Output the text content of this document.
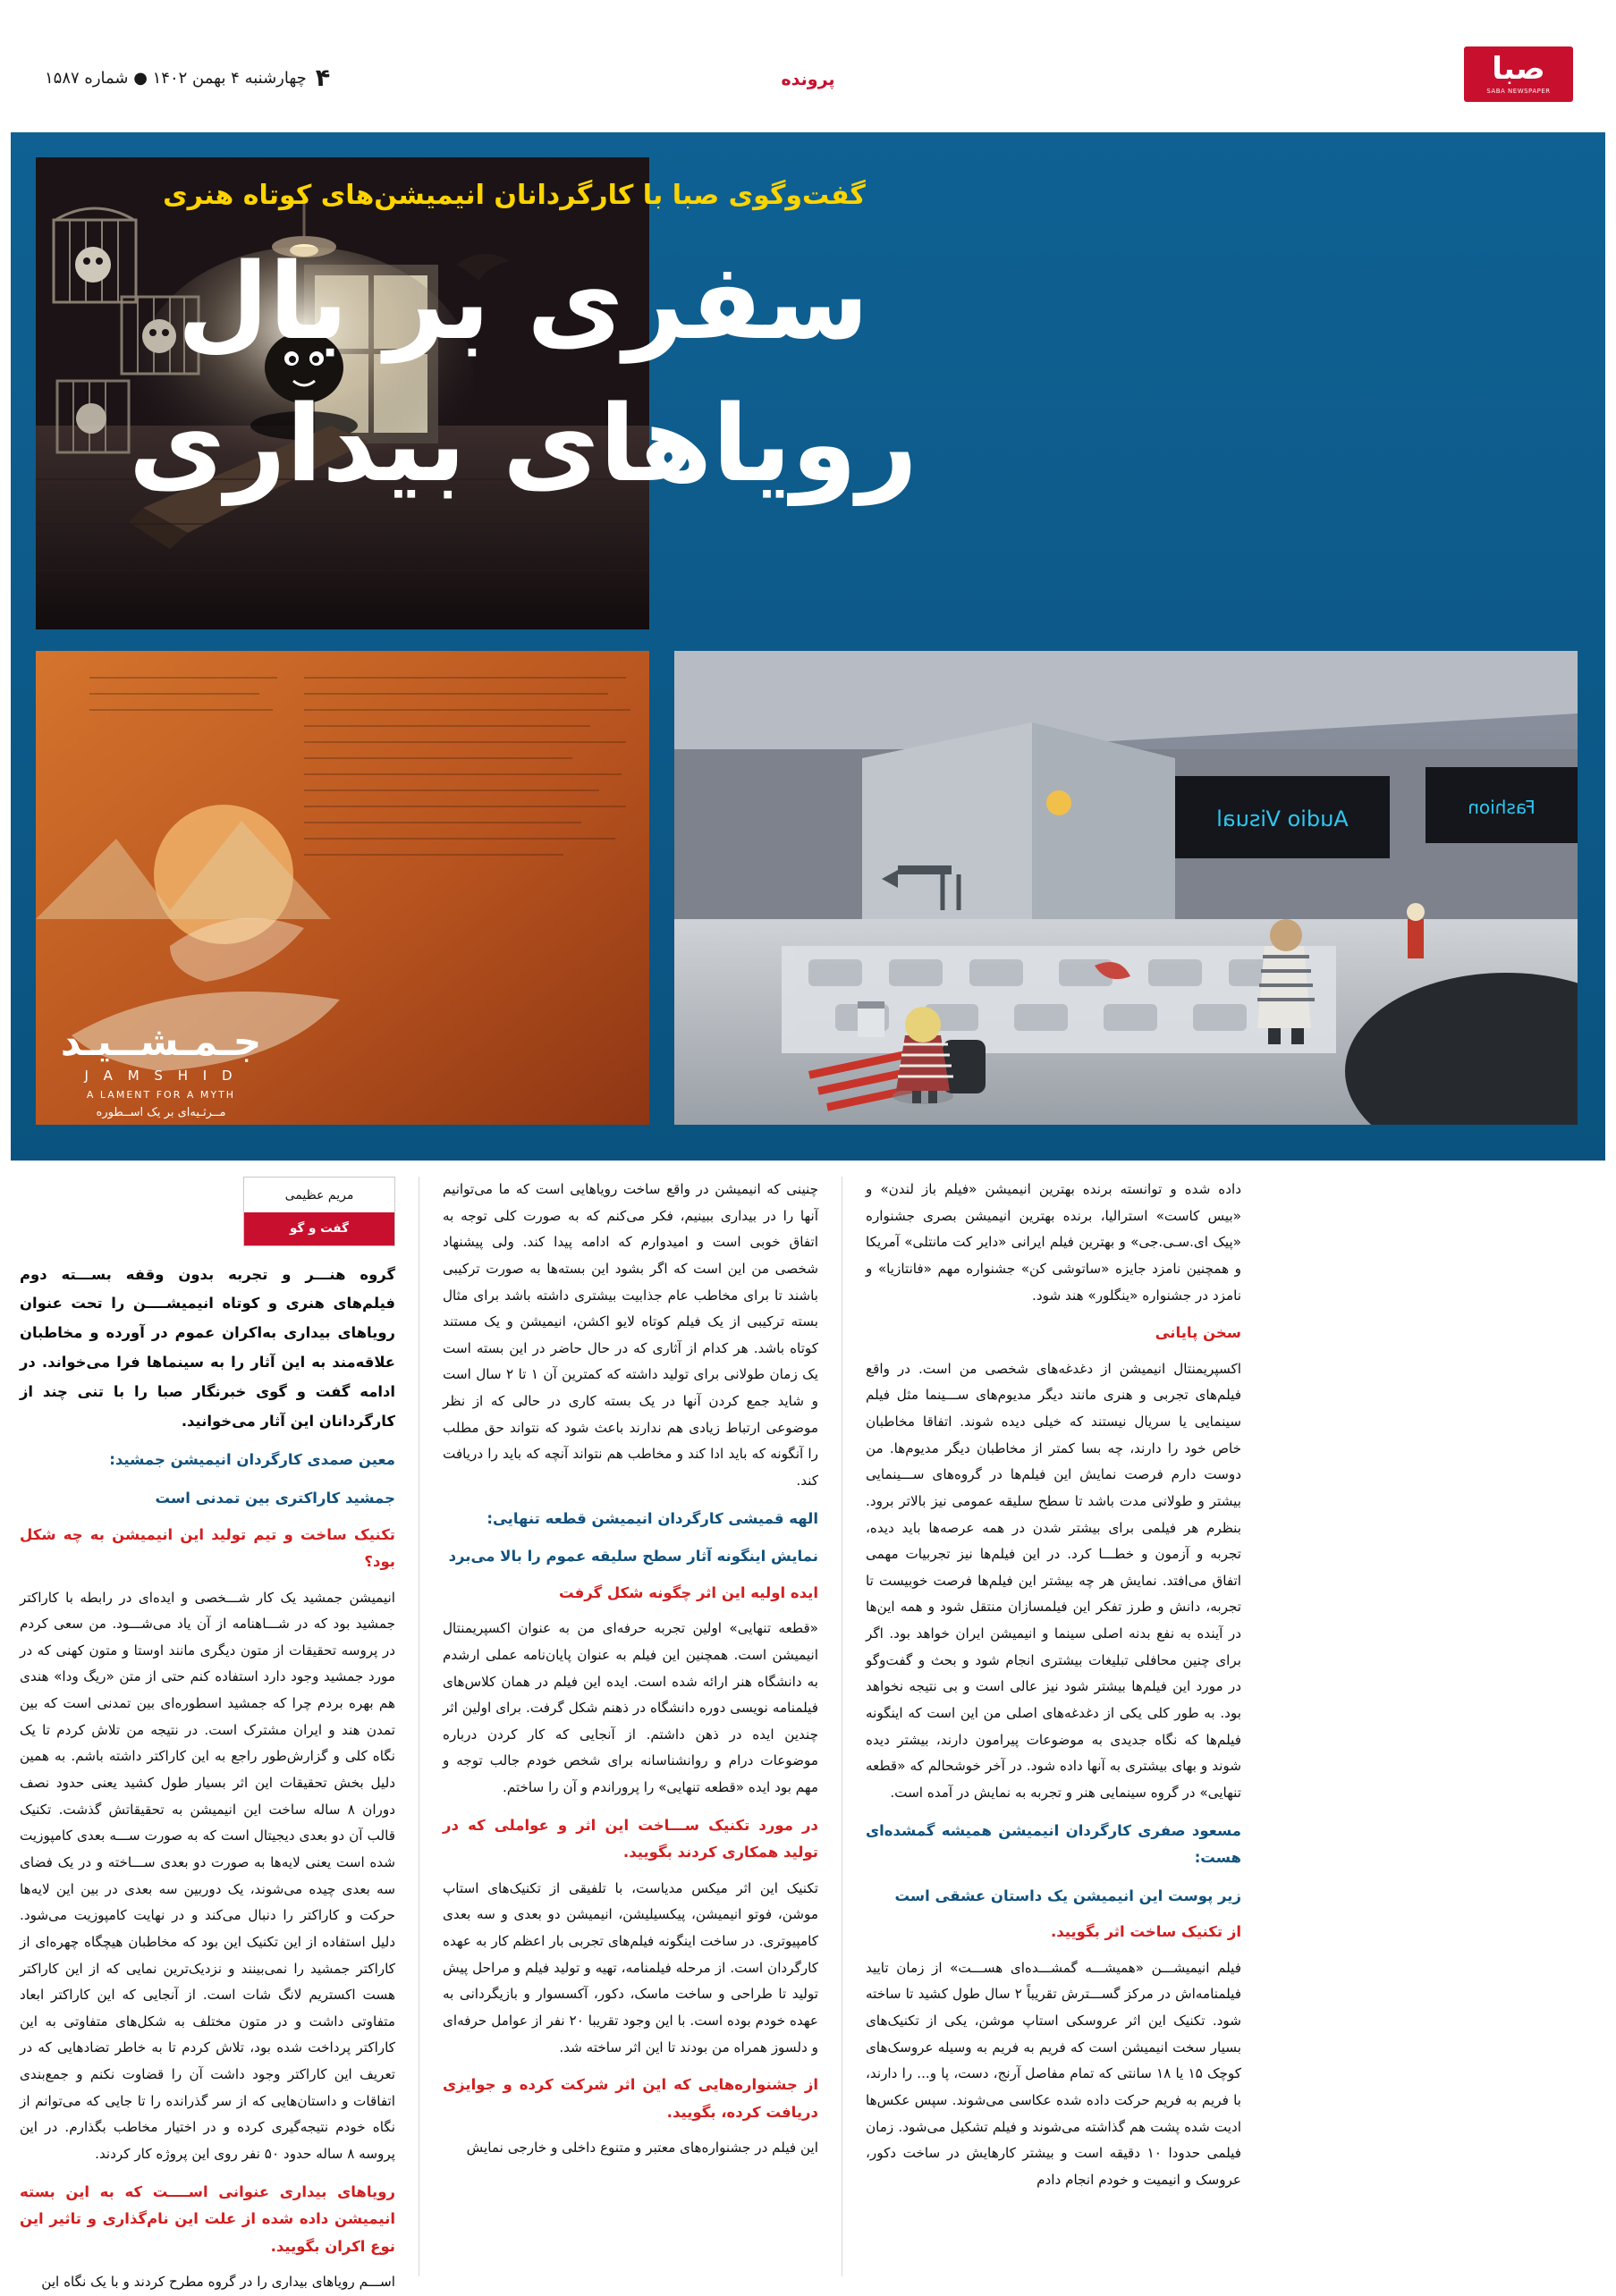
صبا
SABA NEWSPAPER
پرونده
۴
چهارشنبه ۴ بهمن ۱۴۰۲ ● شماره ۱۵۸۷
جـمـشــیـد
J A M S H I D
A LAMENT FOR A MYTH
مــرثـیه‌ای بر یک اســطوره
Audio Visual	Fashion
گفت‌و‌گوی صبا با کارگردانان انیمیشن‌های کوتاه هنری
سفری بر بال
رویاهای بیداری
مریم عظیمی
گفت و گو

گروه هنـــر و تجربه بدون وقفه بســـته دوم فیلم‌های هنری و کوتاه انیمیشــــن را تحت عنوان رویاهای بیداری به‌اکران عموم در آورده و مخاطبان علاقه‌مند به این آثار را به سینماها فرا می‌خواند. در ادامه گفت و گوی خبرنگار صبا را با تنی چند از کارگردانان این آثار می‌خوانید.

معین صمدی کارگردان انیمیشن جمشید:
جمشید کاراکتری بین تمدنی است
تکنیک ساخت و تیم تولید این انیمیشن به چه شکل بود؟

انیمیشن جمشید یک کار شـــخصی و ایده‌ای در رابطه با کاراکتر جمشید بود که در شـــاهنامه از آن یاد می‌شـــود. من سعی کردم در پروسه تحقیقات از متون دیگری مانند اوستا و متون کهنی که در مورد جمشید وجود دارد استفاده کنم حتی از متن «ریگ ودا» هندی هم بهره بردم چرا که جمشید اسطوره‌ای بین تمدنی است که بین تمدن هند و ایران مشترک است. در نتیجه من تلاش کردم تا یک نگاه کلی و گزارش‌طور راجع به این کاراکتر داشته باشم. به همین دلیل بخش تحقیقات این اثر بسیار طول کشید یعنی حدود نصف دوران ۸ ساله ساخت این انیمیشن به تحقیقاتش گذشت. تکنیک قالب آن دو بعدی دیجیتال است که به صورت ســـه بعدی کامپوزیت شده است یعنی لایه‌ها به صورت دو بعدی ســـاخته و در یک فضای سه بعدی چیده می‌شوند، یک دوربین سه بعدی در بین این لایه‌ها حرکت و کاراکتر را دنبال می‌کند و در نهایت کامپوزیت می‌شود. دلیل استفاده از این تکنیک این بود که مخاطبان هیچگاه چهره‌ای از کاراکتر جمشید را نمی‌بینند و نزدیک‌ترین نمایی که از این کاراکتر هست اکستریم لانگ شات است. از آنجایی که این کاراکتر ابعاد متفاوتی داشت و در متون مختلف به شکل‌های متفاوتی به این کاراکتر پرداخت شده بود، تلاش کردم تا به خاطر تضادهایی که در تعریف این کاراکتر وجود داشت آن را قضاوت نکنم و جمع‌بندی اتفاقات و داستان‌هایی که از سر گذرانده را تا جایی که می‌توانم از نگاه خودم نتیجه‌گیری کرده و در اختیار مخاطب بگذارم. در این پروسه ۸ ساله حدود ۵۰ نفر روی این پروژه کار کردند.

رویاهای بیداری عنوانی اســــت که به این بسته انیمیشن داده شده از علت این نام‌گذاری و تاثیر این نوع اکران بگویید.

اســـم رویاهای بیداری را در گروه مطرح کردند و با یک نگاه این

چنینی که انیمیشن در واقع ساخت رویاهایی است که ما می‌توانیم آنها را در بیداری ببینیم، فکر می‌کنم که به صورت کلی توجه به اتفاق خوبی است و امیدوارم که ادامه پیدا کند. ولی پیشنهاد شخصی من این است که اگر بشود این بسته‌ها به صورت ترکیبی باشند تا برای مخاطب عام جذابیت بیشتری داشته باشد برای مثال بسته ترکیبی از یک فیلم کوتاه لایو اکشن، انیمیشن و یک مستند کوتاه باشد. هر کدام از آثاری که در حال حاضر در این بسته است یک زمان طولانی برای تولید داشته که کمترین آن ۱ تا ۲ سال است و شاید جمع کردن آنها در یک بسته کاری در حالی که از نظر موضوعی ارتباط زیادی هم ندارند باعث شود که نتواند حق مطلب را آنگونه که باید ادا کند و مخاطب هم نتواند آنچه که باید را دریافت کند.

الهه قمیشی کارگردان انیمیشن قطعه تنهایی:
نمایش اینگونه آثار سطح سلیقه عموم را بالا می‌برد
ایده اولیه این اثر چگونه شکل گرفت

«قطعه تنهایی» اولین تجربه حرفه‌ای من به عنوان اکسپریمنتال انیمیشن است. همچنین این فیلم به عنوان پایان‌نامه عملی ارشدم به دانشگاه هنر ارائه شده است. ایده این فیلم در همان کلاس‌های فیلمنامه نویسی دوره دانشگاه در ذهنم شکل گرفت. برای اولین اثر چندین ایده در ذهن داشتم. از آنجایی که کار کردن درباره موضوعات درام و روانشناسانه برای شخص خودم جالب توجه و مهم بود ایده «قطعه تنهایی» را پروراندم و آن را ساختم.

در مورد تکنیک ســـاخت این اثر و عواملی که در تولید همکاری کردند بگویید.

تکنیک این اثر میکس مدیاست، با تلفیقی از تکنیک‌های استاپ موشن، فوتو انیمیشن، پیکسیلیشن، انیمیشن دو بعدی و سه بعدی کامپیوتری. در ساخت اینگونه فیلم‌های تجربی بار اعظم کار به عهده کارگردان است. از مرحله فیلمنامه، تهیه و تولید فیلم و مراحل پیش تولید تا طراحی و ساخت ماسک، دکور، آکسسوار و بازیگردانی به عهده خودم بوده است. با این وجود تقریبا ۲۰ نفر از عوامل حرفه‌ای و دلسوز همراه من بودند تا این اثر ساخته شد.

از جشنواره‌هایی که این اثر شرکت کرده و جوایزی دریافت کرده، بگویید.

این فیلم در جشنواره‌های معتبر و متنوع داخلی و خارجی نمایش

داده شده و توانسته برنده بهترین انیمیشن «فیلم باز لندن» و «بیس کاست» استرالیا، برنده بهترین انیمیشن بصری جشنواره «پیک ای.سـی.جی» و بهترین فیلم ایرانی «دایر کت مانتلی» آمریکا و همچنین نامزد جایزه «ساتوشی کن» جشنواره مهم «فانتازیا» و نامزد در جشنواره «ینگلور» هند شود.

سخن پایانی

اکسپریمنتال انیمیشن از دغدغه‌های شخصی من است. در واقع فیلم‌های تجربی و هنری مانند دیگر مدیوم‌های ســـینما مثل فیلم سینمایی یا سریال نیستند که خیلی دیده شوند. اتفاقا مخاطبان خاص خود را دارند، چه بسا کمتر از مخاطبان دیگر مدیوم‌ها. من دوست دارم فرصت نمایش این فیلم‌ها در گروه‌های ســـینمایی بیشتر و طولانی مدت باشد تا سطح سلیقه عمومی نیز بالاتر برود. بنظرم هر فیلمی برای بیشتر شدن در همه عرصه‌ها باید دیده، تجربه و آزمون و خطـــا کرد. در این فیلم‌ها نیز تجربیات مهمی اتفاق می‌افتد. نمایش هر چه بیشتر این فیلم‌ها فرصت خوبیست تا تجربه، دانش و طرز تفکر این فیلمسازان منتقل شود و همه این‌ها در آینده به نفع بدنه اصلی سینما و انیمیشن ایران خواهد بود. اگر برای چنین محافلی تبلیغات بیشتری انجام شود و بحث و گفت‌و‌گو در مورد این فیلم‌ها بیشتر شود نیز عالی است و بی نتیجه نخواهد بود. به طور کلی یکی از دغدغه‌های اصلی من این است که اینگونه فیلم‌ها که نگاه جدیدی به موضوعات پیرامون دارند، بیشتر دیده شوند و بهای بیشتری به آنها داده شود. در آخر خوشحالم که «قطعه تنهایی» در گروه سینمایی هنر و تجربه به نمایش در آمده است.

مسعود صفری کارگردان انیمیشن همیشه گمشده‌ای هست:
زیر پوست این انیمیشن یک داستان عشقی است
از تکنیک ساخت اثر بگویید.

فیلم انیمیشـــن «همیشـــه گمشـــده‌ای هســـت» از زمان تایید فیلمنامه‌اش در مرکز گســـترش تقریباً ۲ سال طول کشید تا ساخته شود. تکنیک این اثر عروسکی استاپ موشن، یکی از تکنیک‌های بسیار سخت انیمیشن است که فریم به فریم به وسیله عروسک‌های کوچک ۱۵ یا ۱۸ سانتی که تمام مفاصل آرنج، دست، پا و... را دارند، با فریم به فریم حرکت داده شده عکاسی می‌شوند. سپس عکس‌ها ادیت شده پشت هم گذاشته می‌شوند و فیلم تشکیل می‌شود. زمان فیلمی حدودا ۱۰ دقیقه است و بیشتر کارهایش در ساخت دکور، عروسک و انیمیت و خودم انجام دادم
